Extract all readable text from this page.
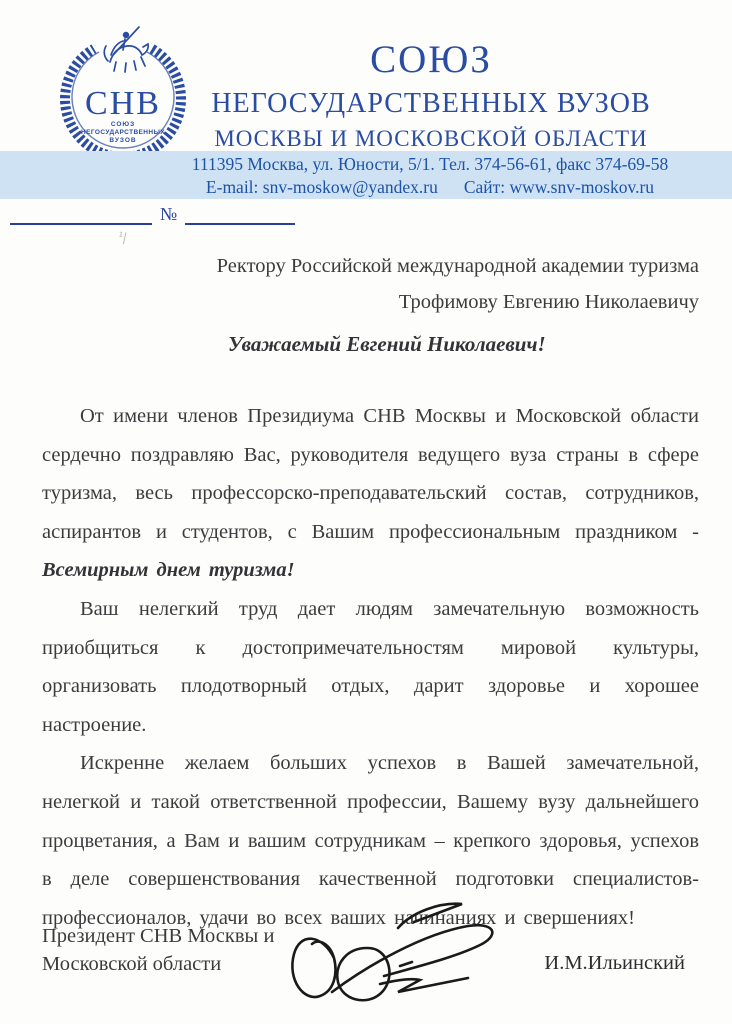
СНВ
СОЮЗ
НЕГОСУДАРСТВЕННЫХ
ВУЗОВ
СОЮЗ
НЕГОСУДАРСТВЕННЫХ ВУЗОВ
МОСКВЫ И МОСКОВСКОЙ ОБЛАСТИ
111395 Москва, ул. Юности, 5/1. Тел. 374-56-61, факс 374-69-58
E-mail: snv-moskow@yandex.ru Сайт: www.snv-moskov.ru
№
¹|
Ректору Российской международной академии туризма
Трофимову Евгению Николаевичу
Уважаемый Евгений Николаевич!

От имени членов Президиума СНВ Москвы и Московской области сердечно поздравляю Вас, руководителя ведущего вуза страны в сфере туризма, весь профессорско-преподавательский состав, сотрудников, аспирантов и студентов, с Вашим профессиональным праздником - Всемирным днем туризма!

Ваш нелегкий труд дает людям замечательную возможность приобщиться к достопримечательностям мировой культуры, организовать плодотворный отдых, дарит здоровье и хорошее настроение.

Искренне желаем больших успехов в Вашей замечательной, нелегкой и такой ответственной профессии, Вашему вузу дальнейшего процветания, а Вам и вашим сотрудникам – крепкого здоровья, успехов в деле совершенствования качественной подготовки специалистов-профессионалов, удачи во всех ваших начинаниях и свершениях!

Президент СНВ Москвы и
Московской области	И.М.Ильинский
